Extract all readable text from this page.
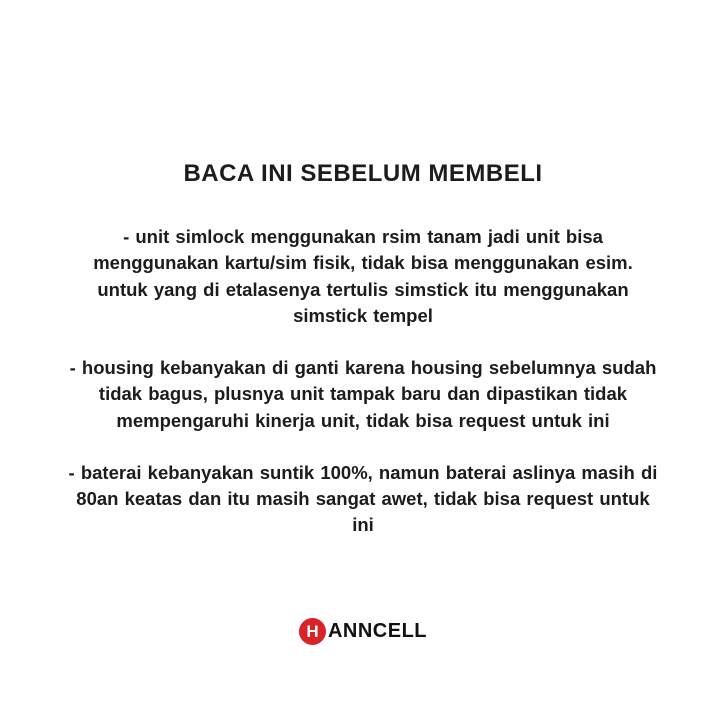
BACA INI SEBELUM MEMBELI

- unit simlock menggunakan rsim tanam jadi unit bisa menggunakan kartu/sim fisik, tidak bisa menggunakan esim. untuk yang di etalasenya tertulis simstick itu menggunakan simstick tempel

- housing kebanyakan di ganti karena housing sebelumnya sudah tidak bagus, plusnya unit tampak baru dan dipastikan tidak mempengaruhi kinerja unit, tidak bisa request untuk ini

- baterai kebanyakan suntik 100%, namun baterai aslinya masih di 80an keatas dan itu masih sangat awet, tidak bisa request untuk ini

H ANNCELL
